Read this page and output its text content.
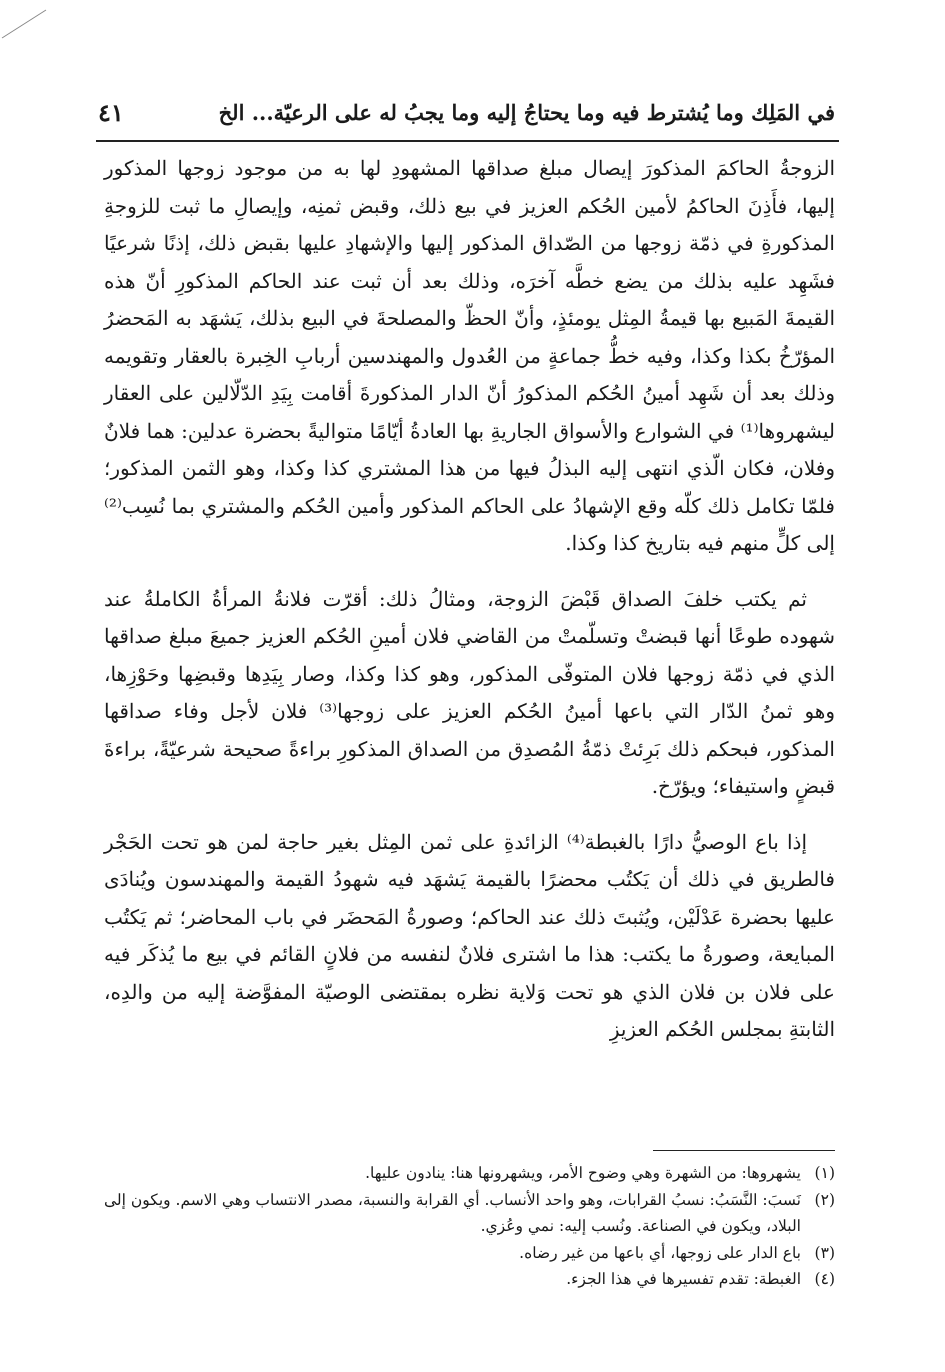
في المَلِك وما يُشترط فيه وما يحتاجُ إليه وما يجبُ له على الرعيّة... الخ
٤١

الزوجةُ الحاكمَ المذكورَ إيصال مبلغ صداقها المشهودِ لها به من موجود زوجها المذكور إليها، فأَذِنَ الحاكمُ لأمين الحُكم العزيز في بيع ذلك، وقبض ثمنِه، وإيصالِ ما ثبت للزوجةِ المذكورةِ في ذمّة زوجها من الصّداق المذكور إليها والإشهادِ عليها بقبض ذلك، إذنًا شرعيًا فشَهِد عليه بذلك من يضع خطَّه آخرَه، وذلك بعد أن ثبت عند الحاكم المذكورِ أنّ هذه القيمةَ المَبيع بها قيمةُ المِثل يومئذٍ، وأنّ الحظّ والمصلحةَ في البيع بذلك، يَشهَد به المَحضرُ المؤرّخُ بكذا وكذا، وفيه خطُّ جماعةٍ من العُدول والمهندسين أربابِ الخِبرة بالعقار وتقويمه وذلك بعد أن شَهِد أمينُ الحُكم المذكورُ أنّ الدار المذكورةَ أقامت بِيَدِ الدّلّالين على العقار ليشهروها⁽¹⁾ في الشوارع والأسواق الجاريةِ بها العادةُ أيّامًا متواليةً بحضرة عدلين: هما فلانٌ وفلان، فكان الّذي انتهى إليه البذلُ فيها من هذا المشتري كذا وكذا، وهو الثمن المذكور؛ فلمّا تكامل ذلك كلّه وقع الإشهادُ على الحاكم المذكور وأمين الحُكم والمشتري بما نُسِب⁽²⁾ إلى كلٍّ منهم فيه بتاريخ كذا وكذا.

ثم يكتب خلفَ الصداق قَبْضَ الزوجة، ومثالُ ذلك: أقرّت فلانةُ المرأةُ الكاملةُ عند شهوده طوعًا أنها قبضتْ وتسلّمتْ من القاضي فلان أمينِ الحُكم العزيز جميعَ مبلغ صداقها الذي في ذمّة زوجها فلان المتوفّى المذكور، وهو كذا وكذا، وصار بِيَدِها وقبضِها وحَوْزِها، وهو ثمنُ الدّار التي باعها أمينُ الحُكم العزيز على زوجها⁽³⁾ فلان لأجل وفاء صداقها المذكور، فبحكم ذلك بَرِئتْ ذمّةُ المُصدِق من الصداق المذكورِ براءةً صحيحة شرعيّةً، براءةَ قبضٍ واستيفاء؛ ويؤرّخ.

إذا باع الوصيُّ دارًا بالغبطة⁽⁴⁾ الزائدةِ على ثمن المِثل بغير حاجة لمن هو تحت الحَجْر فالطريق في ذلك أن يَكتُب محضرًا بالقيمة يَشهَد فيه شهودُ القيمة والمهندسون ويُنادَى عليها بحضرة عَدْلَيْن، ويُثبتَ ذلك عند الحاكم؛ وصورةُ المَحضَر في باب المحاضر؛ ثم يَكتُب المبايعة، وصورةُ ما يكتب: هذا ما اشترى فلانٌ لنفسه من فلانٍ القائم في بيع ما يُذكَر فيه على فلان بن فلان الذي هو تحت وَلاية نظره بمقتضى الوصيّة المفوَّضة إليه من والدِه، الثابتةِ بمجلس الحُكم العزيزِ

(١)
يشهروها: من الشهرة وهي وضوح الأمر، ويشهرونها هنا: ينادون عليها.
(٢)
نَسبَ: النَّسَبُ: نسبُ القرابات، وهو واحد الأنساب. أي القرابة والنسبة، مصدر الانتساب وهي الاسم. ويكون إلى البلاد، ويكون في الصناعة. ونُسب إليه: نمي وعُزي.
(٣)
باع الدار على زوجها، أي باعها من غير رضاه.
(٤)
الغبطة: تقدم تفسيرها في هذا الجزء.
